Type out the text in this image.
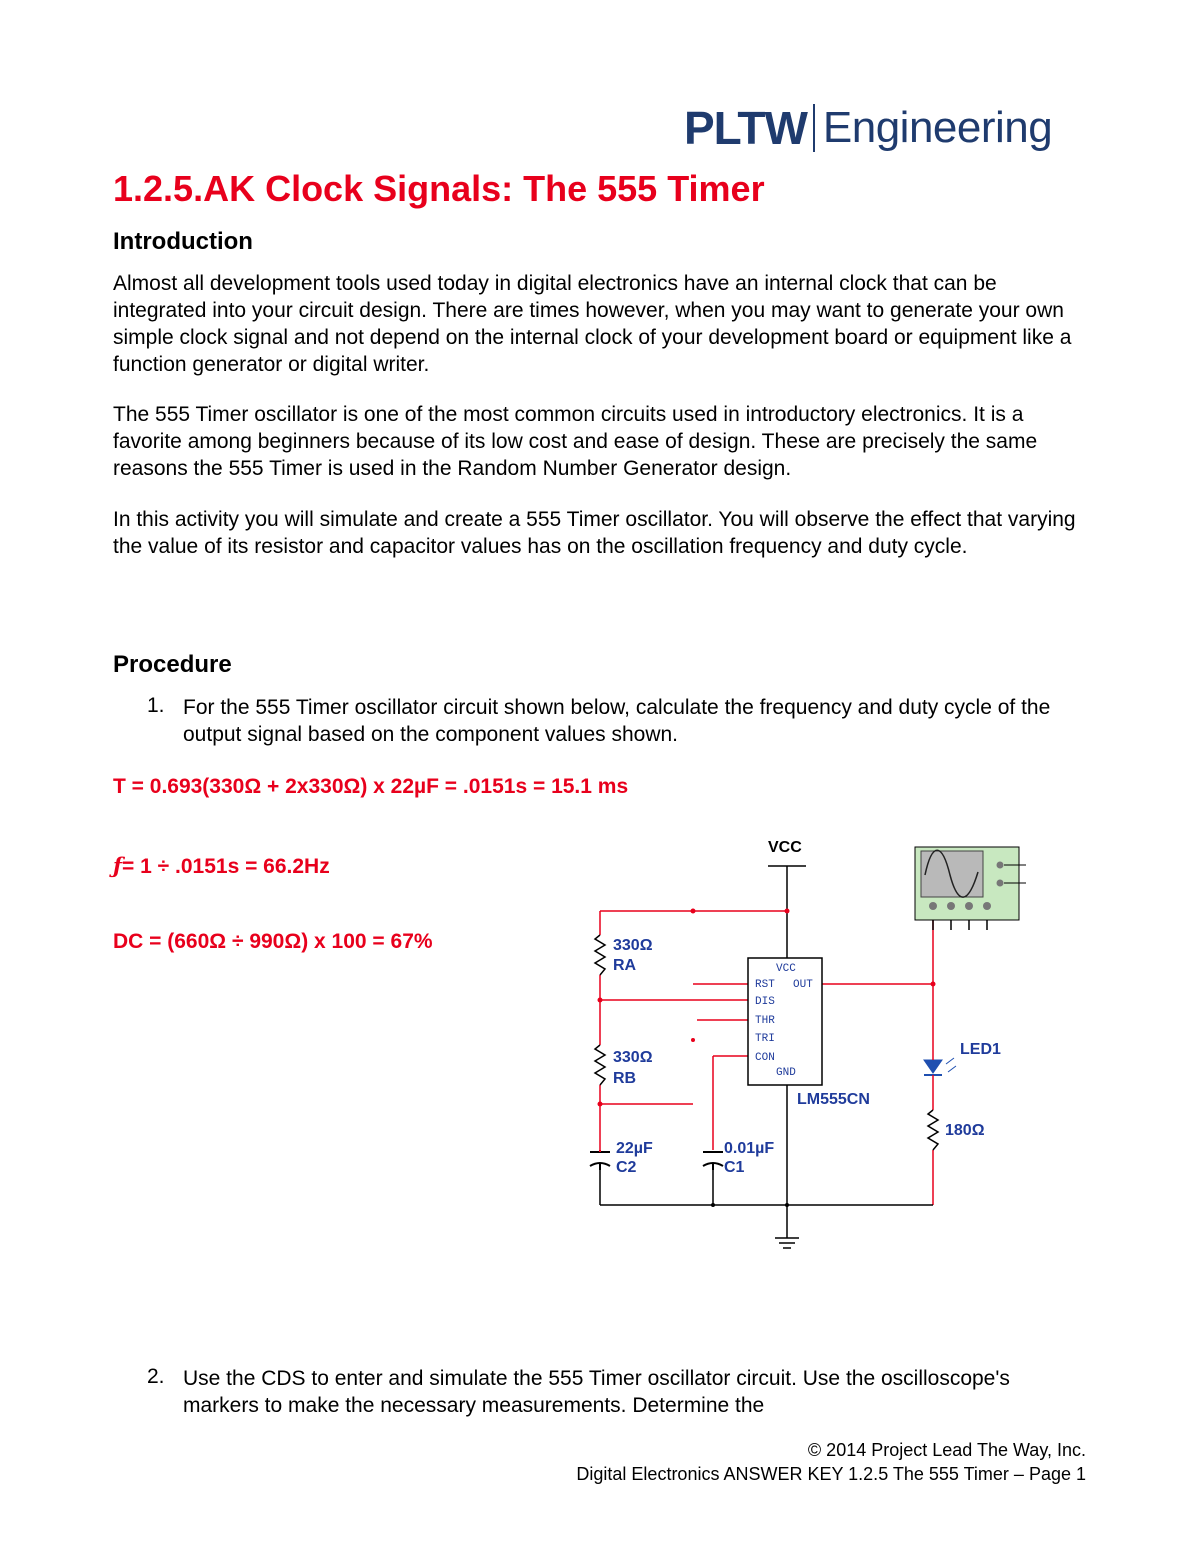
PLTW Engineering
1.2.5.AK Clock Signals: The 555 Timer
Introduction

Almost all development tools used today in digital electronics have an internal clock that can be integrated into your circuit design. There are times however, when you may want to generate your own simple clock signal and not depend on the internal clock of your development board or equipment like a function generator or digital writer.

The 555 Timer oscillator is one of the most common circuits used in introductory electronics. It is a favorite among beginners because of its low cost and ease of design. These are precisely the same reasons the 555 Timer is used in the Random Number Generator design.

In this activity you will simulate and create a 555 Timer oscillator. You will observe the effect that varying the value of its resistor and capacitor values has on the oscillation frequency and duty cycle.

Procedure
1. For the 555 Timer oscillator circuit shown below, calculate the frequency and duty cycle of the output signal based on the component values shown.
T = 0.693(330Ω + 2x330Ω) x 22µF = .0151s = 15.1 ms
ƒ= 1 ÷ .0151s = 66.2Hz
DC = (660Ω ÷ 990Ω) x 100 = 67%
VCC
RST OUT
DIS
THR
TRI
CON
GND
VCC
330Ω
RA
330Ω
RB
22µF
C2
0.01µF
C1
LM555CN
LED1
180Ω
2. Use the CDS to enter and simulate the 555 Timer oscillator circuit. Use the oscilloscope's markers to make the necessary measurements. Determine the
© 2014 Project Lead The Way, Inc.
Digital Electronics ANSWER KEY 1.2.5 The 555 Timer – Page 1
